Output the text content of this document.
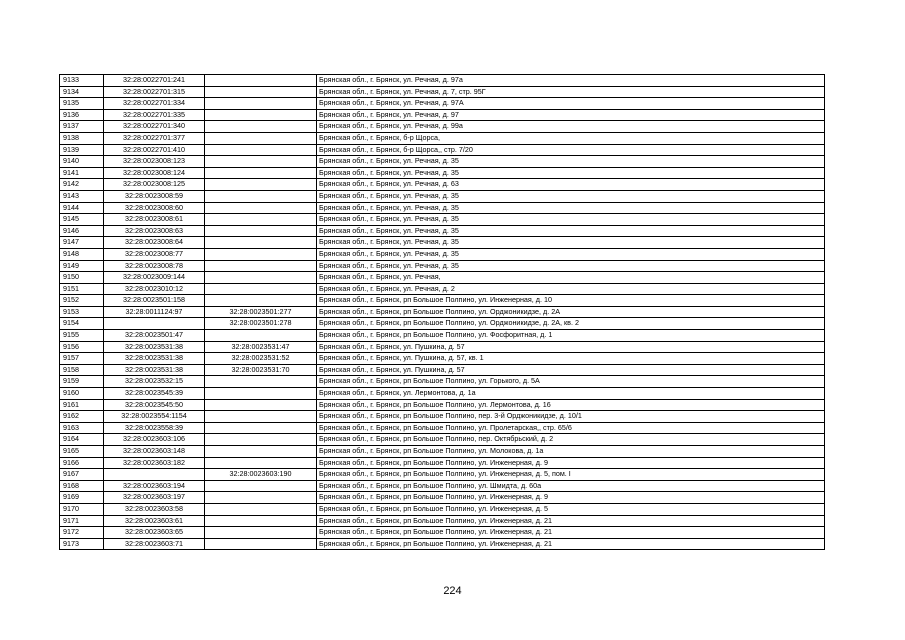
9133	32:28:0022701:241		Брянская обл., г. Брянск, ул. Речная, д. 97а
9134	32:28:0022701:315		Брянская обл., г. Брянск, ул. Речная, д. 7, стр. 95Г
9135	32:28:0022701:334		Брянская обл., г. Брянск, ул. Речная, д. 97А
9136	32:28:0022701:335		Брянская обл., г. Брянск, ул. Речная, д. 97
9137	32:28:0022701:340		Брянская обл., г. Брянск, ул. Речная, д. 99а
9138	32:28:0022701:377		Брянская обл., г. Брянск, б-р Щорса,
9139	32:28:0022701:410		Брянская обл., г. Брянск, б-р Щорса,, стр. 7/20
9140	32:28:0023008:123		Брянская обл., г. Брянск, ул. Речная, д. 35
9141	32:28:0023008:124		Брянская обл., г. Брянск, ул. Речная, д. 35
9142	32:28:0023008:125		Брянская обл., г. Брянск, ул. Речная, д. 63
9143	32:28:0023008:59		Брянская обл., г. Брянск, ул. Речная, д. 35
9144	32:28:0023008:60		Брянская обл., г. Брянск, ул. Речная, д. 35
9145	32:28:0023008:61		Брянская обл., г. Брянск, ул. Речная, д. 35
9146	32:28:0023008:63		Брянская обл., г. Брянск, ул. Речная, д. 35
9147	32:28:0023008:64		Брянская обл., г. Брянск, ул. Речная, д. 35
9148	32:28:0023008:77		Брянская обл., г. Брянск, ул. Речная, д. 35
9149	32:28:0023008:78		Брянская обл., г. Брянск, ул. Речная, д. 35
9150	32:28:0023009:144		Брянская обл., г. Брянск, ул. Речная,
9151	32:28:0023010:12		Брянская обл., г. Брянск, ул. Речная, д. 2
9152	32:28:0023501:158		Брянская обл., г. Брянск, рп Большое Полпино, ул. Инженерная, д. 10
9153	32:28:0011124:97	32:28:0023501:277	Брянская обл., г. Брянск, рп Большое Полпино, ул. Орджоникидзе, д. 2А
9154		32:28:0023501:278	Брянская обл., г. Брянск, рп Большое Полпино, ул. Орджоникидзе, д. 2А, кв. 2
9155	32:28:0023501:47		Брянская обл., г. Брянск, рп Большое Полпино, ул. Фосфоритная, д. 1
9156	32:28:0023531:38	32:28:0023531:47	Брянская обл., г. Брянск, ул. Пушкина, д. 57
9157	32:28:0023531:38	32:28:0023531:52	Брянская обл., г. Брянск, ул. Пушкина, д. 57, кв. 1
9158	32:28:0023531:38	32:28:0023531:70	Брянская обл., г. Брянск, ул. Пушкина, д. 57
9159	32:28:0023532:15		Брянская обл., г. Брянск, рп Большое Полпино, ул. Горького, д. 5А
9160	32:28:0023545:39		Брянская обл., г. Брянск, ул. Лермонтова, д. 1а
9161	32:28:0023545:50		Брянская обл., г. Брянск, рп Большое Полпино, ул. Лермонтова, д. 16
9162	32:28:0023554:1154		Брянская обл., г. Брянск, рп Большое Полпино, пер. 3-й Орджоникидзе, д. 10/1
9163	32:28:0023558:39		Брянская обл., г. Брянск, рп Большое Полпино, ул. Пролетарская,, стр. 65/6
9164	32:28:0023603:106		Брянская обл., г. Брянск, рп Большое Полпино, пер. Октябрьский, д. 2
9165	32:28:0023603:148		Брянская обл., г. Брянск, рп Большое Полпино, ул. Молокова, д. 1а
9166	32:28:0023603:182		Брянская обл., г. Брянск, рп Большое Полпино, ул. Инженерная, д. 9
9167		32:28:0023603:190	Брянская обл., г. Брянск, рп Большое Полпино, ул. Инженерная, д. 5, пом. I
9168	32:28:0023603:194		Брянская обл., г. Брянск, рп Большое Полпино, ул. Шмидта, д. 60а
9169	32:28:0023603:197		Брянская обл., г. Брянск, рп Большое Полпино, ул. Инженерная, д. 9
9170	32:28:0023603:58		Брянская обл., г. Брянск, рп Большое Полпино, ул. Инженерная, д. 5
9171	32:28:0023603:61		Брянская обл., г. Брянск, рп Большое Полпино, ул. Инженерная, д. 21
9172	32:28:0023603:65		Брянская обл., г. Брянск, рп Большое Полпино, ул. Инженерная, д. 21
9173	32:28:0023603:71		Брянская обл., г. Брянск, рп Большое Полпино, ул. Инженерная, д. 21
224
